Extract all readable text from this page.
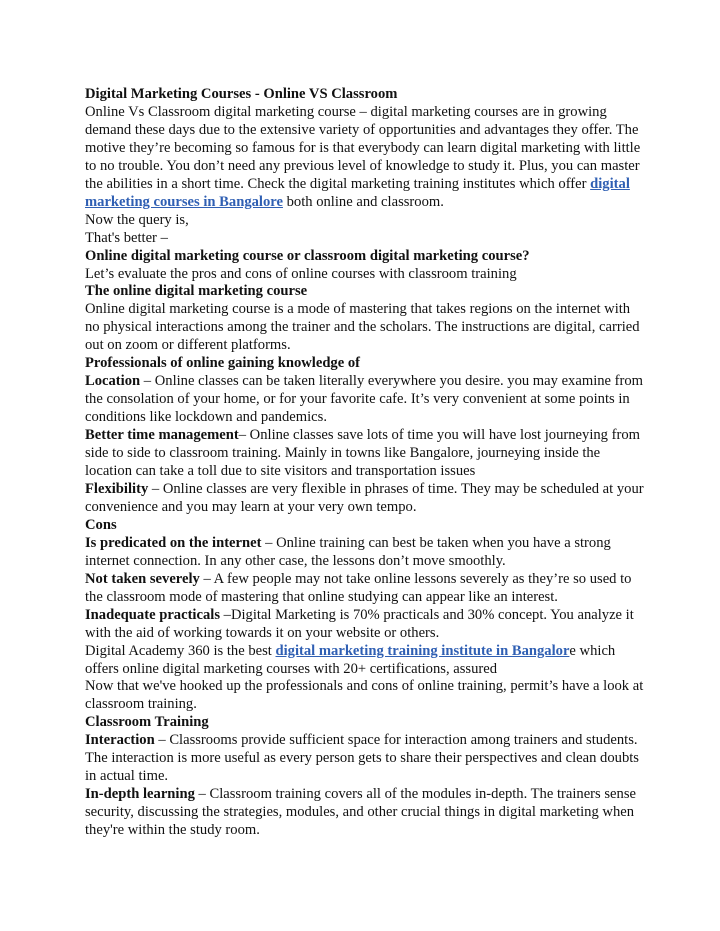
Digital Marketing Courses - Online VS Classroom

Online Vs Classroom digital marketing course – digital marketing courses are in growing demand these days due to the extensive variety of opportunities and advantages they offer. The motive they’re becoming so famous for is that everybody can learn digital marketing with little to no trouble. You don’t need any previous level of knowledge to study it. Plus, you can master the abilities in a short time. Check the digital marketing training institutes which offer digital marketing courses in Bangalore both online and classroom.

Now the query is,

That's better –

Online digital marketing course or classroom digital marketing course?

Let’s evaluate the pros and cons of online courses with classroom training

The online digital marketing course

Online digital marketing course is a mode of mastering that takes regions on the internet with no physical interactions among the trainer and the scholars. The instructions are digital, carried out on zoom or different platforms.

Professionals of online gaining knowledge of

Location – Online classes can be taken literally everywhere you desire. you may examine from the consolation of your home, or for your favorite cafe. It’s very convenient at some points in conditions like lockdown and pandemics.

Better time management– Online classes save lots of time you will have lost journeying from side to side to classroom training. Mainly in towns like Bangalore, journeying inside the location can take a toll due to site visitors and transportation issues

Flexibility – Online classes are very flexible in phrases of time. They may be scheduled at your convenience and you may learn at your very own tempo.

Cons

Is predicated on the internet – Online training can best be taken when you have a strong internet connection. In any other case, the lessons don’t move smoothly.

Not taken severely – A few people may not take online lessons severely as they’re so used to the classroom mode of mastering that online studying can appear like an interest.

Inadequate practicals –Digital Marketing is 70% practicals and 30% concept. You analyze it with the aid of working towards it on your website or others.

Digital Academy 360 is the best digital marketing training institute in Bangalore which offers online digital marketing courses with 20+ certifications, assured

Now that we've hooked up the professionals and cons of online training, permit’s have a look at classroom training.

Classroom Training

Interaction – Classrooms provide sufficient space for interaction among trainers and students. The interaction is more useful as every person gets to share their perspectives and clean doubts in actual time.

In-depth learning – Classroom training covers all of the modules in-depth. The trainers sense security, discussing the strategies, modules, and other crucial things in digital marketing when they're within the study room.
